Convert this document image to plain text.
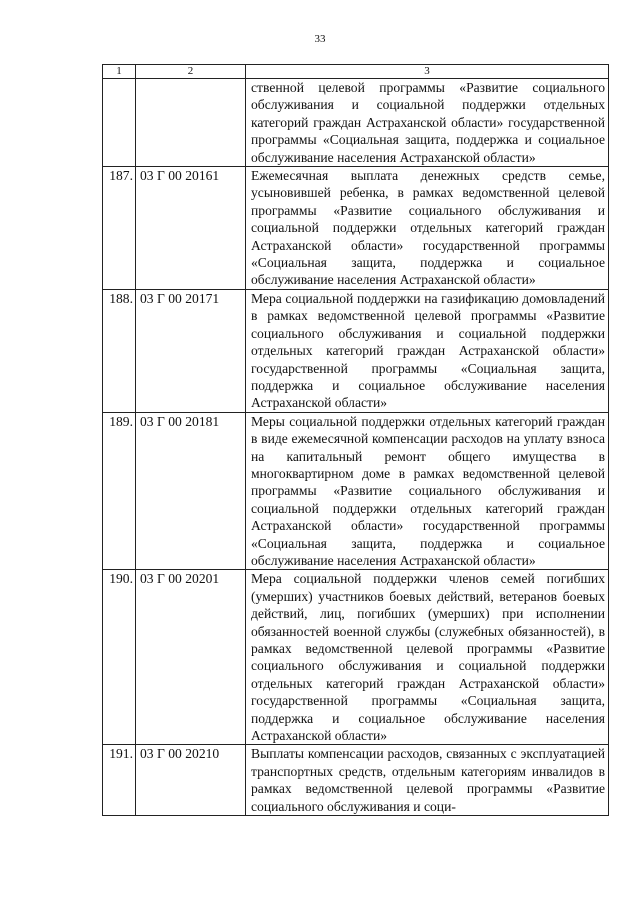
33
1	2	3
		ственной целевой программы «Развитие социального обслуживания и социальной поддержки отдельных категорий граждан Астраханской области» государственной программы «Социальная защита, поддержка и социальное обслуживание населения Астраханской области»
187.	03 Г 00 20161	Ежемесячная выплата денежных средств семье, усыновившей ребенка, в рамках ведомственной целевой программы «Развитие социального обслуживания и социальной поддержки отдельных категорий граждан Астраханской области» государственной программы «Социальная защита, поддержка и социальное обслуживание населения Астраханской области»
188.	03 Г 00 20171	Мера социальной поддержки на газификацию домовладений в рамках ведомственной целевой программы «Развитие социального обслуживания и социальной поддержки отдельных категорий граждан Астраханской области» государственной программы «Социальная защита, поддержка и социальное обслуживание населения Астраханской области»
189.	03 Г 00 20181	Меры социальной поддержки отдельных категорий граждан в виде ежемесячной компенсации расходов на уплату взноса на капитальный ремонт общего имущества в многоквартирном доме в рамках ведомственной целевой программы «Развитие социального обслуживания и социальной поддержки отдельных категорий граждан Астраханской области» государственной программы «Социальная защита, поддержка и социальное обслуживание населения Астраханской области»
190.	03 Г 00 20201	Мера социальной поддержки членов семей погибших (умерших) участников боевых действий, ветеранов боевых действий, лиц, погибших (умерших) при исполнении обязанностей военной службы (служебных обязанностей), в рамках ведомственной целевой программы «Развитие социального обслуживания и социальной поддержки отдельных категорий граждан Астраханской области» государственной программы «Социальная защита, поддержка и социальное обслуживание населения Астраханской области»
191.	03 Г 00 20210	Выплаты компенсации расходов, связанных с эксплуатацией транспортных средств, отдельным категориям инвалидов в рамках ведомственной целевой программы «Развитие социального обслуживания и соци-
